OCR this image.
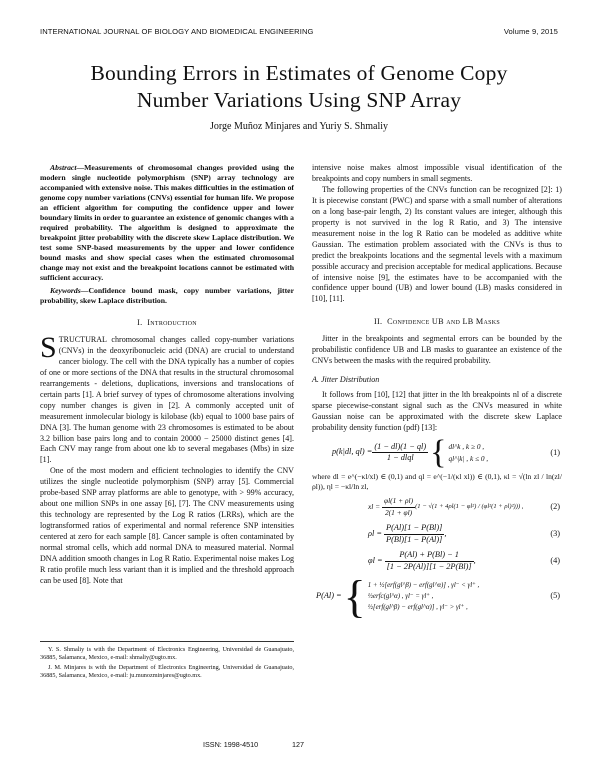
INTERNATIONAL JOURNAL OF BIOLOGY AND BIOMEDICAL ENGINEERING	Volume 9, 2015
Bounding Errors in Estimates of Genome Copy
Number Variations Using SNP Array
Jorge Muñoz Minjares and Yuriy S. Shmaliy

Abstract—Measurements of chromosomal changes provided using the modern single nucleotide polymorphism (SNP) array technology are accompanied with extensive noise. This makes difficulties in the estimation of genome copy number variations (CNVs) essential for human life. We propose an efficient algorithm for computing the confidence upper and lower boundary limits in order to guarantee an existence of genomic changes with a required probability. The algorithm is designed to approximate the breakpoint jitter probability with the discrete skew Laplace distribution. We test some SNP-based measurements by the upper and lower confidence bound masks and show special cases when the estimated chromosomal change may not exist and the breakpoint locations cannot be estimated with sufficient accuracy.

Keywords—Confidence bound mask, copy number variations, jitter probability, skew Laplace distribution.

I. Introduction

STRUCTURAL chromosomal changes called copy-number variations (CNVs) in the deoxyribonucleic acid (DNA) are crucial to understand cancer biology. The cell with the DNA typically has a number of copies of one or more sections of the DNA that results in the structural chromosomal rearrangements - deletions, duplications, inversions and translocations of certain parts [1]. A brief survey of types of chromosome alterations involving copy number changes is given in [2]. A commonly accepted unit of measurement inmolecular biology is kilobase (kb) equal to 1000 base pairs of DNA [3]. The human genome with 23 chromosomes is estimated to be about 3.2 billion base pairs long and to contain 20000 − 25000 distinct genes [4]. Each CNV may range from about one kb to several megabases (Mbs) in size [1].

One of the most modern and efficient technologies to identify the CNV utilizes the single nucleotide polymorphism (SNP) array [5]. Commercial probe-based SNP array platforms are able to genotype, with > 99% accuracy, about one million SNPs in one assay [6], [7]. The CNV measurements using this technology are represented by the Log R ratios (LRRs), which are the logtransformed ratios of experimental and normal reference SNP intensities centered at zero for each sample [8]. Cancer sample is often contaminated by normal stromal cells, which add normal DNA to measured material. Normal DNA addition smooth changes in Log R Ratio. Experimental noise makes Log R ratio profile much less variant than it is implied and the threshold approach can be used [8]. Note that

Y. S. Shmaliy is with the Department of Electronics Engineering, Universidad de Guanajuato, 36885, Salamanca, Mexico, e-mail: shmaliy@ugto.mx.

J. M. Minjares is with the Department of Electronics Engineering, Universidad de Guanajuato, 36885, Salamanca, Mexico, e-mail: ju.munozminjares@ugto.mx.

intensive noise makes almost impossible visual identification of the breakpoints and copy numbers in small segments.

The following properties of the CNVs function can be recognized [2]: 1) It is piecewise constant (PWC) and sparse with a small number of alterations on a long base-pair length, 2) Its constant values are integer, although this property is not survived in the log R Ratio, and 3) The intensive measurement noise in the log R Ratio can be modeled as additive white Gaussian. The estimation problem associated with the CNVs is thus to predict the breakpoints locations and the segmental levels with a maximum possible accuracy and precision acceptable for medical applications. Because of intensive noise [9], the estimates have to be accompanied with the confidence upper bound (UB) and lower bound (LB) masks considered in [10], [11].

II. Confidence UB and LB Masks

Jitter in the breakpoints and segmental errors can be bounded by the probabilistic confidence UB and LB masks to guarantee an existence of the CNVs between the masks with the required probability.

A. Jitter Distribution

It follows from [10], [12] that jitter in the lth breakpoints nl of a discrete sparse piecewise-constant signal such as the CNVs measured in white Gaussian noise can be approximated with the discrete skew Laplace probability density function (pdf) [13]:

p(k|dl, $ql) = \frac{(1 - dl)(1 - ql)}{\text{1 − dlql}}$ { dl^k , k ≥ 0 ,
ql^|k| , k ≤ 0 ,
(1)

where dl = e^(−κl/xl) ∈ (0,1) and ql = e^(−1/(κl xl)) ∈ (0,1), κl = √(ln zl / ln(zl/ρl)), ηl = −κl/ln zl,

xl =
$\frac{\varphi l(1 + \rho l)}{2(1 + \varphi l)} (1 - √(1 + 4\rho l(1 - \varphi l^2) / (\varphi l^2(1 + \rho l)^2)))$ ,	(2)
ρl =
$\frac{P(Al)[1 - P(Bl)]}{P(Bl)[1 - P(Al)]}$ ,	(3)
φl =
$\frac{P(Al) + P(Bl) - 1}{[1 - 2P(Al)][1 - 2P(Bl)]}$ ,	(4)
P(Al) = { 1 + ½[erf(gl^β) − erf(gl^α)] , γl⁻ < γl⁺ ,
½erfc(gl^α) , γl⁻ = γl⁺ ,
½[erf(gl^β) − erf(gl^α)] , γl⁻ > γl⁺ ,
(5)
ISSN: 1998-4510	127
